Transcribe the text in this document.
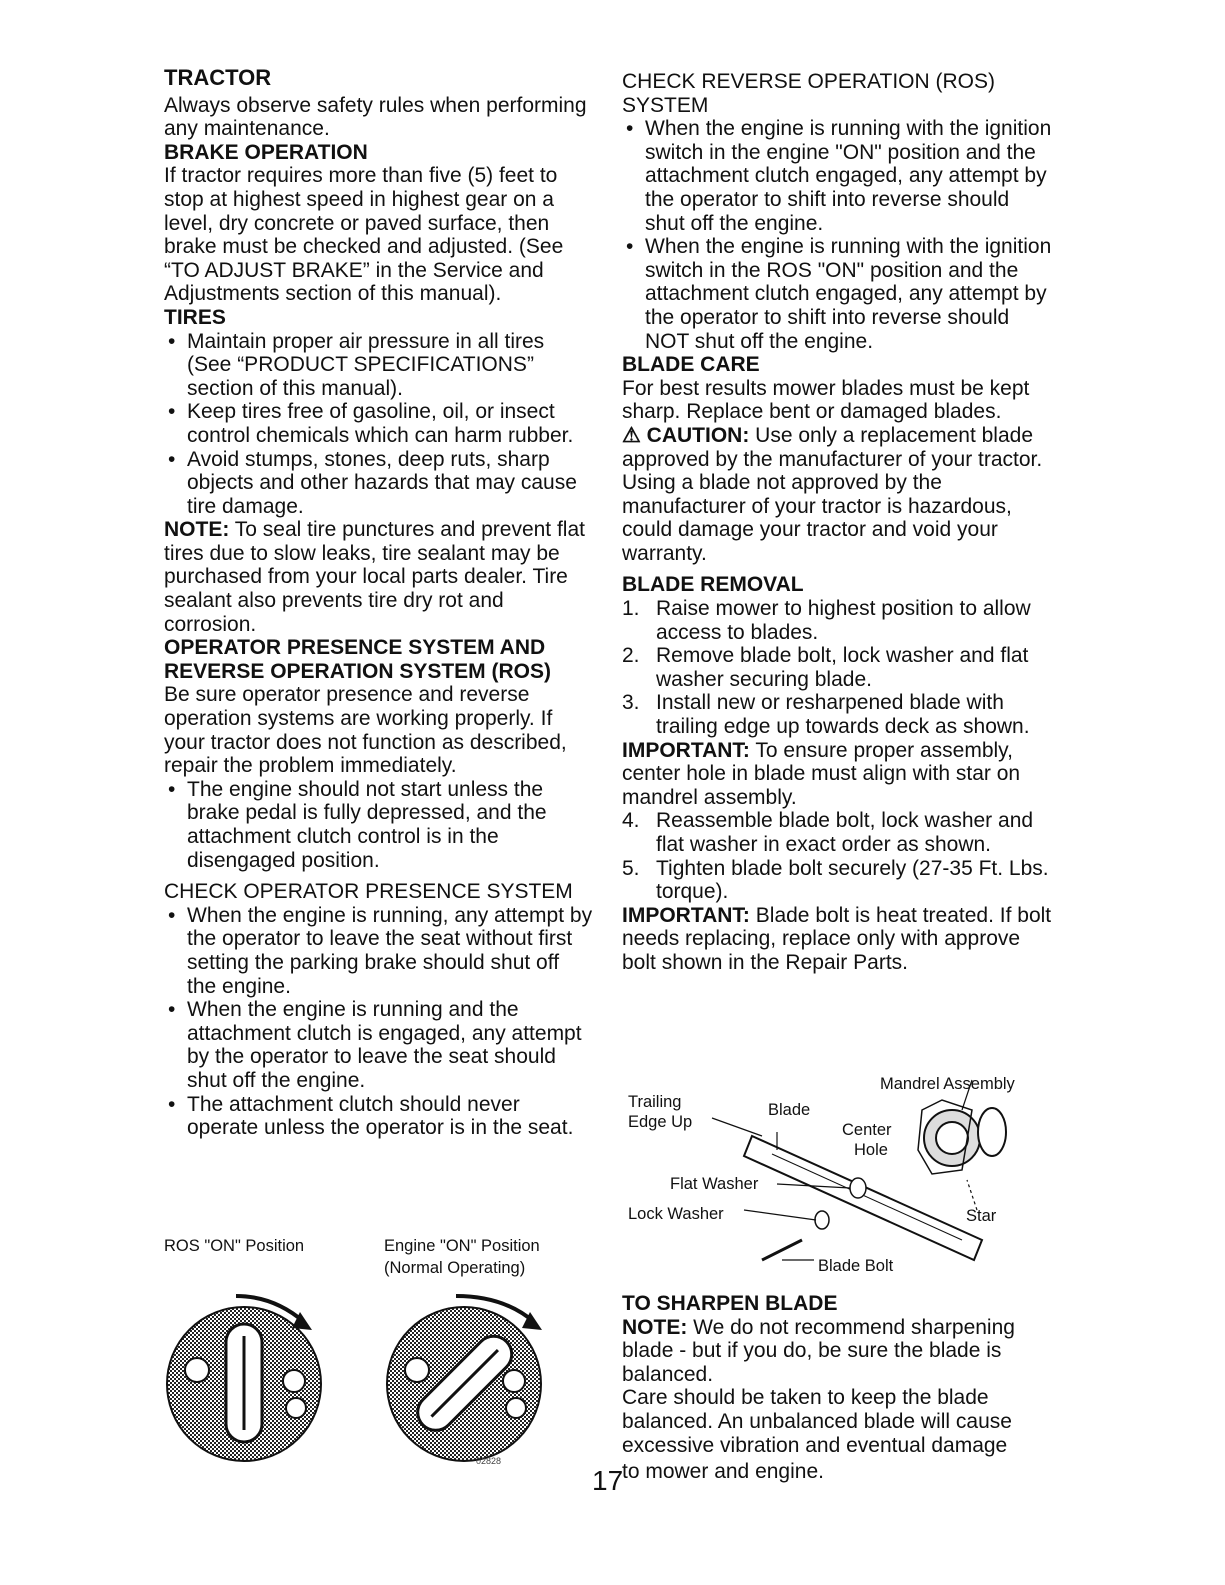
TRACTOR

Always observe safety rules when performing any maintenance.

BRAKE OPERATION

If tractor requires more than five (5) feet to stop at highest speed in highest gear on a level, dry concrete or paved surface, then brake must be checked and adjusted. (See “TO ADJUST BRAKE” in the Service and Adjustments section of this manual).

TIRES

• Maintain proper air pressure in all tires (See “PRODUCT SPECIFICATIONS” section of this manual).
• Keep tires free of gasoline, oil, or insect control chemicals which can harm rubber.
• Avoid stumps, stones, deep ruts, sharp objects and other hazards that may cause tire damage.

NOTE: To seal tire punctures and prevent flat tires due to slow leaks, tire sealant may be purchased from your local parts dealer. Tire sealant also prevents tire dry rot and corrosion.

OPERATOR PRESENCE SYSTEM AND REVERSE OPERATION SYSTEM (ROS)

Be sure operator presence and reverse operation systems are working properly. If your tractor does not function as described, repair the problem immediately.

• The engine should not start unless the brake pedal is fully depressed, and the attachment clutch control is in the disengaged position.

CHECK OPERATOR PRESENCE SYSTEM

• When the engine is running, any attempt by the operator to leave the seat without first setting the parking brake should shut off the engine.
• When the engine is running and the attachment clutch is engaged, any attempt by the operator to leave the seat should shut off the engine.
• The attachment clutch should never operate unless the operator is in the seat.
ROS "ON" Position	Engine "ON" Position
(Normal Operating)
02828

CHECK REVERSE OPERATION (ROS) SYSTEM

• When the engine is running with the ignition switch in the engine "ON" position and the attachment clutch engaged, any attempt by the operator to shift into reverse should shut off the engine.
• When the engine is running with the ignition switch in the ROS "ON" position and the attachment clutch engaged, any attempt by the operator to shift into reverse should NOT shut off the engine.

BLADE CARE

For best results mower blades must be kept sharp. Replace bent or damaged blades.

⚠ CAUTION: Use only a replacement blade approved by the manufacturer of your tractor. Using a blade not approved by the manufacturer of your tractor is hazardous, could damage your tractor and void your warranty.

BLADE REMOVAL

1. Raise mower to highest position to allow access to blades.
2. Remove blade bolt, lock washer and flat washer securing blade.
3. Install new or resharpened blade with trailing edge up towards deck as shown.

IMPORTANT: To ensure proper assembly, center hole in blade must align with star on mandrel assembly.

4. Reassemble blade bolt, lock washer and flat washer in exact order as shown.
5. Tighten blade bolt securely (27-35 Ft. Lbs. torque).

IMPORTANT: Blade bolt is heat treated. If bolt needs replacing, replace only with approve bolt shown in the Repair Parts.

Mandrel Assembly
Trailing
Edge Up
Blade
Center
Hole
Flat Washer
Lock Washer	Star
Blade Bolt

TO SHARPEN BLADE

NOTE: We do not recommend sharpening blade - but if you do, be sure the blade is balanced.

Care should be taken to keep the blade balanced. An unbalanced blade will cause excessive vibration and eventual damage

to mower and engine.
17
